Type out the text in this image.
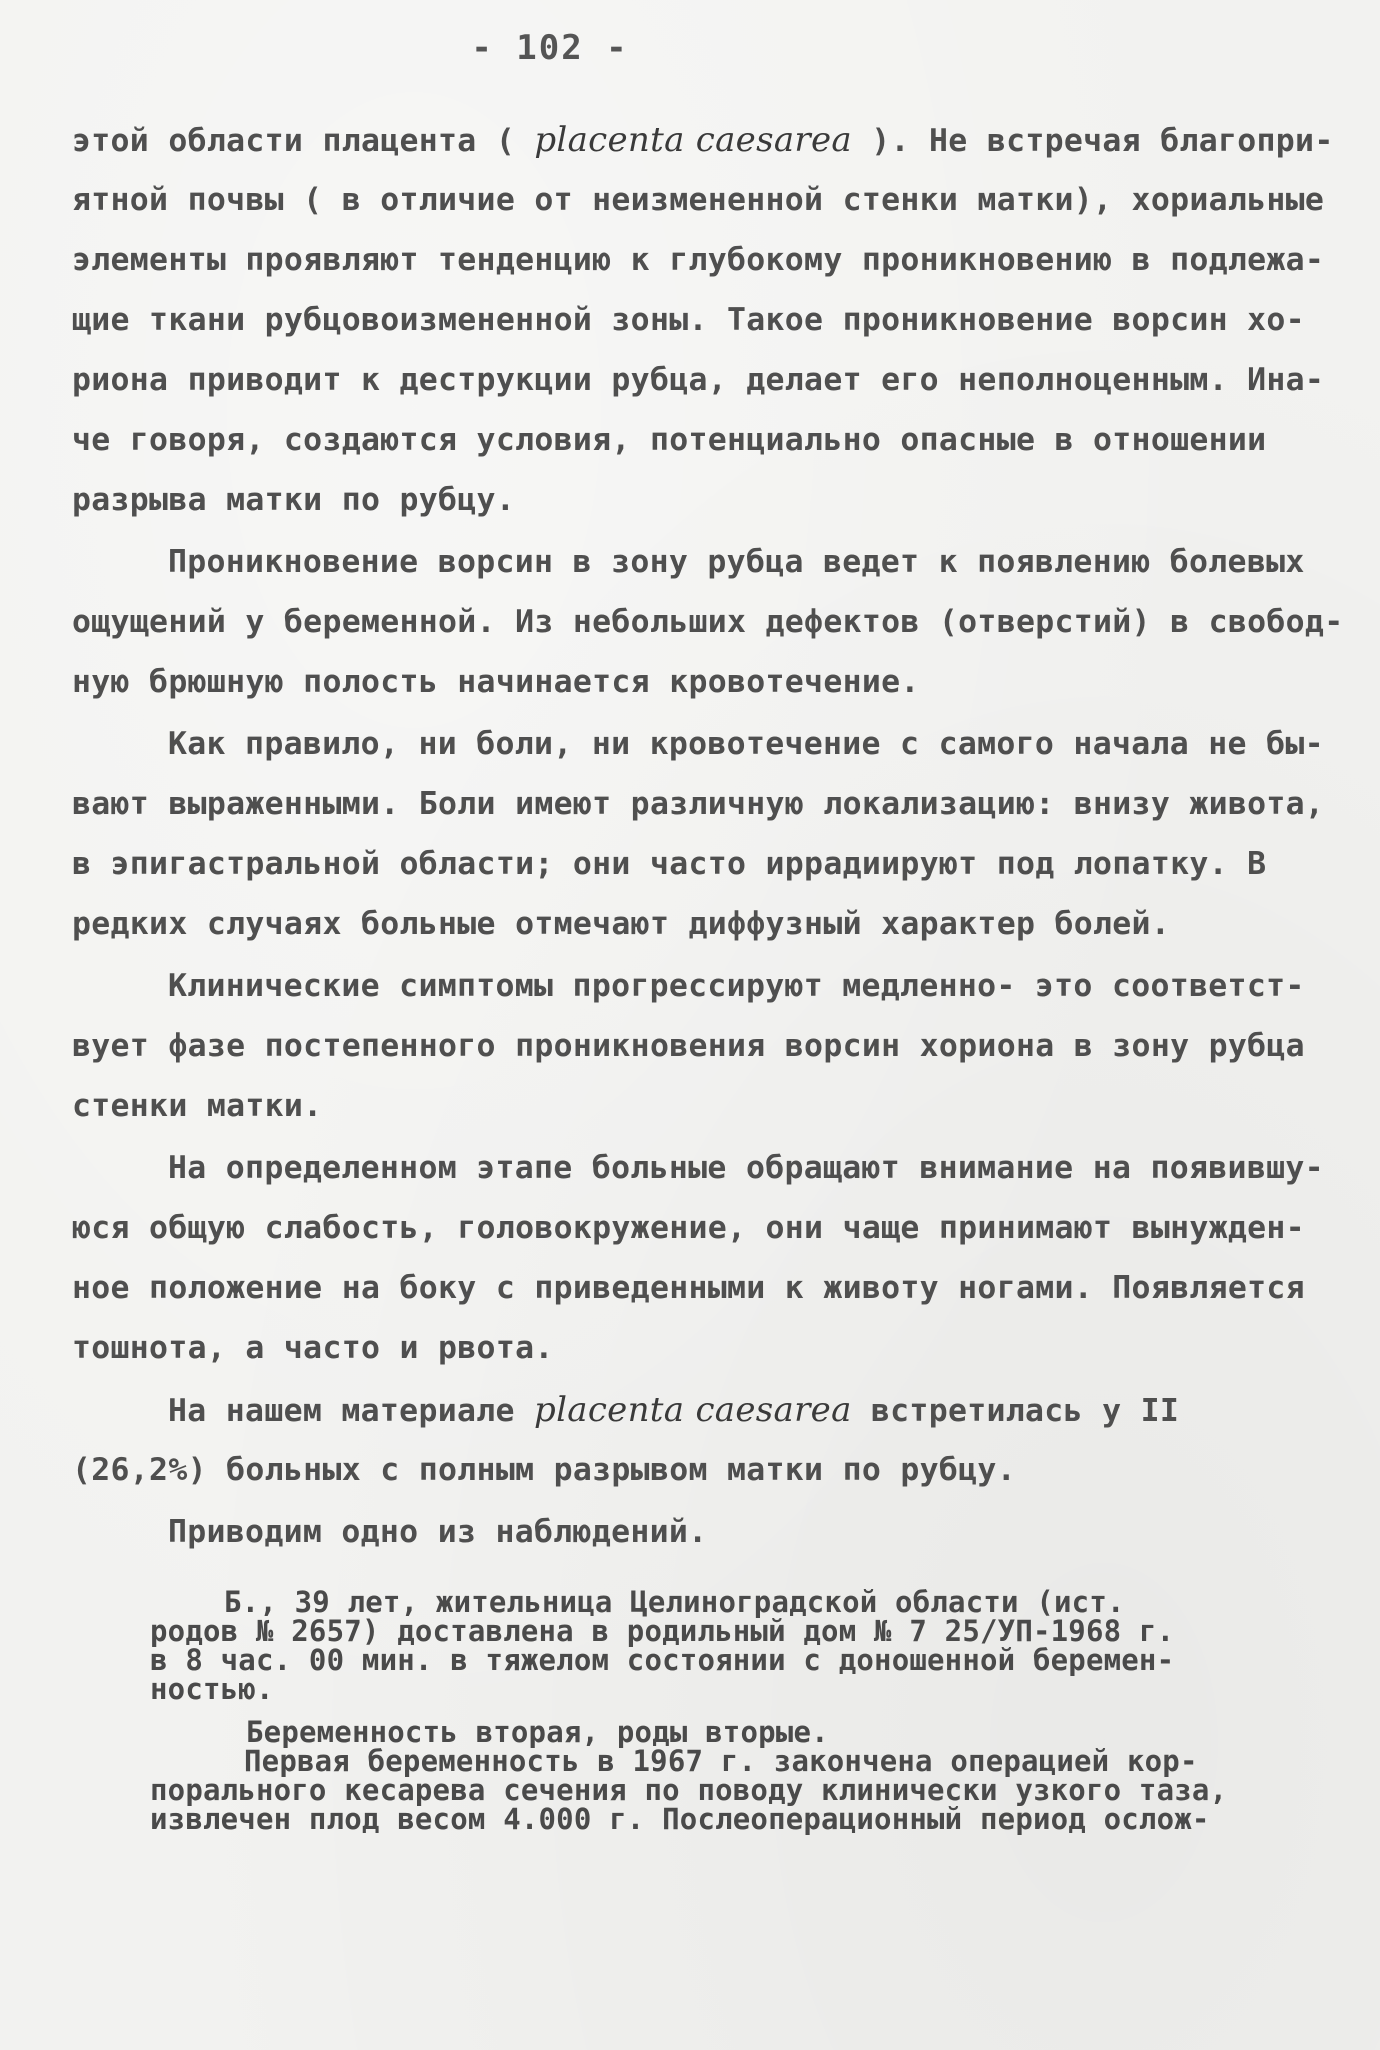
- 102 -
этой области плацента ( placenta caesarea ). Не встречая благопри-
ятной почвы ( в отличие от неизмененной стенки матки), хориальные
элементы проявляют тенденцию к глубокому проникновению в подлежа-
щие ткани рубцовоизмененной зоны. Такое проникновение ворсин хо-
риона приводит к деструкции рубца, делает его неполноценным. Ина-
че говоря, создаются условия, потенциально опасные в отношении
разрыва матки по рубцу.
Проникновение ворсин в зону рубца ведет к появлению болевых
ощущений у беременной. Из небольших дефектов (отверстий) в свобод-
ную брюшную полость начинается кровотечение.
Как правило, ни боли, ни кровотечение с самого начала не бы-
вают выраженными. Боли имеют различную локализацию: внизу живота,
в эпигастральной области; они часто иррадиируют под лопатку. В
редких случаях больные отмечают диффузный характер болей.
Клинические симптомы прогрессируют медленно- это соответст-
вует фазе постепенного проникновения ворсин хориона в зону рубца
стенки матки.
На определенном этапе больные обращают внимание на появившу-
юся общую слабость, головокружение, они чаще принимают вынужден-
ное положение на боку с приведенными к животу ногами. Появляется
тошнота, а часто и рвота.
На нашем материале placenta caesarea встретилась у II
(26,2%) больных с полным разрывом матки по рубцу.
Приводим одно из наблюдений.
Б., 39 лет, жительница Целиноградской области (ист.
родов № 2657) доставлена в родильный дом № 7 25/УП-1968 г.
в 8 час. 00 мин. в тяжелом состоянии с доношенной беремен-
ностью.
Беременность вторая, роды вторые.
Первая беременность в 1967 г. закончена операцией кор-
порального кесарева сечения по поводу клинически узкого таза,
извлечен плод весом 4.000 г. Послеоперационный период ослож-
